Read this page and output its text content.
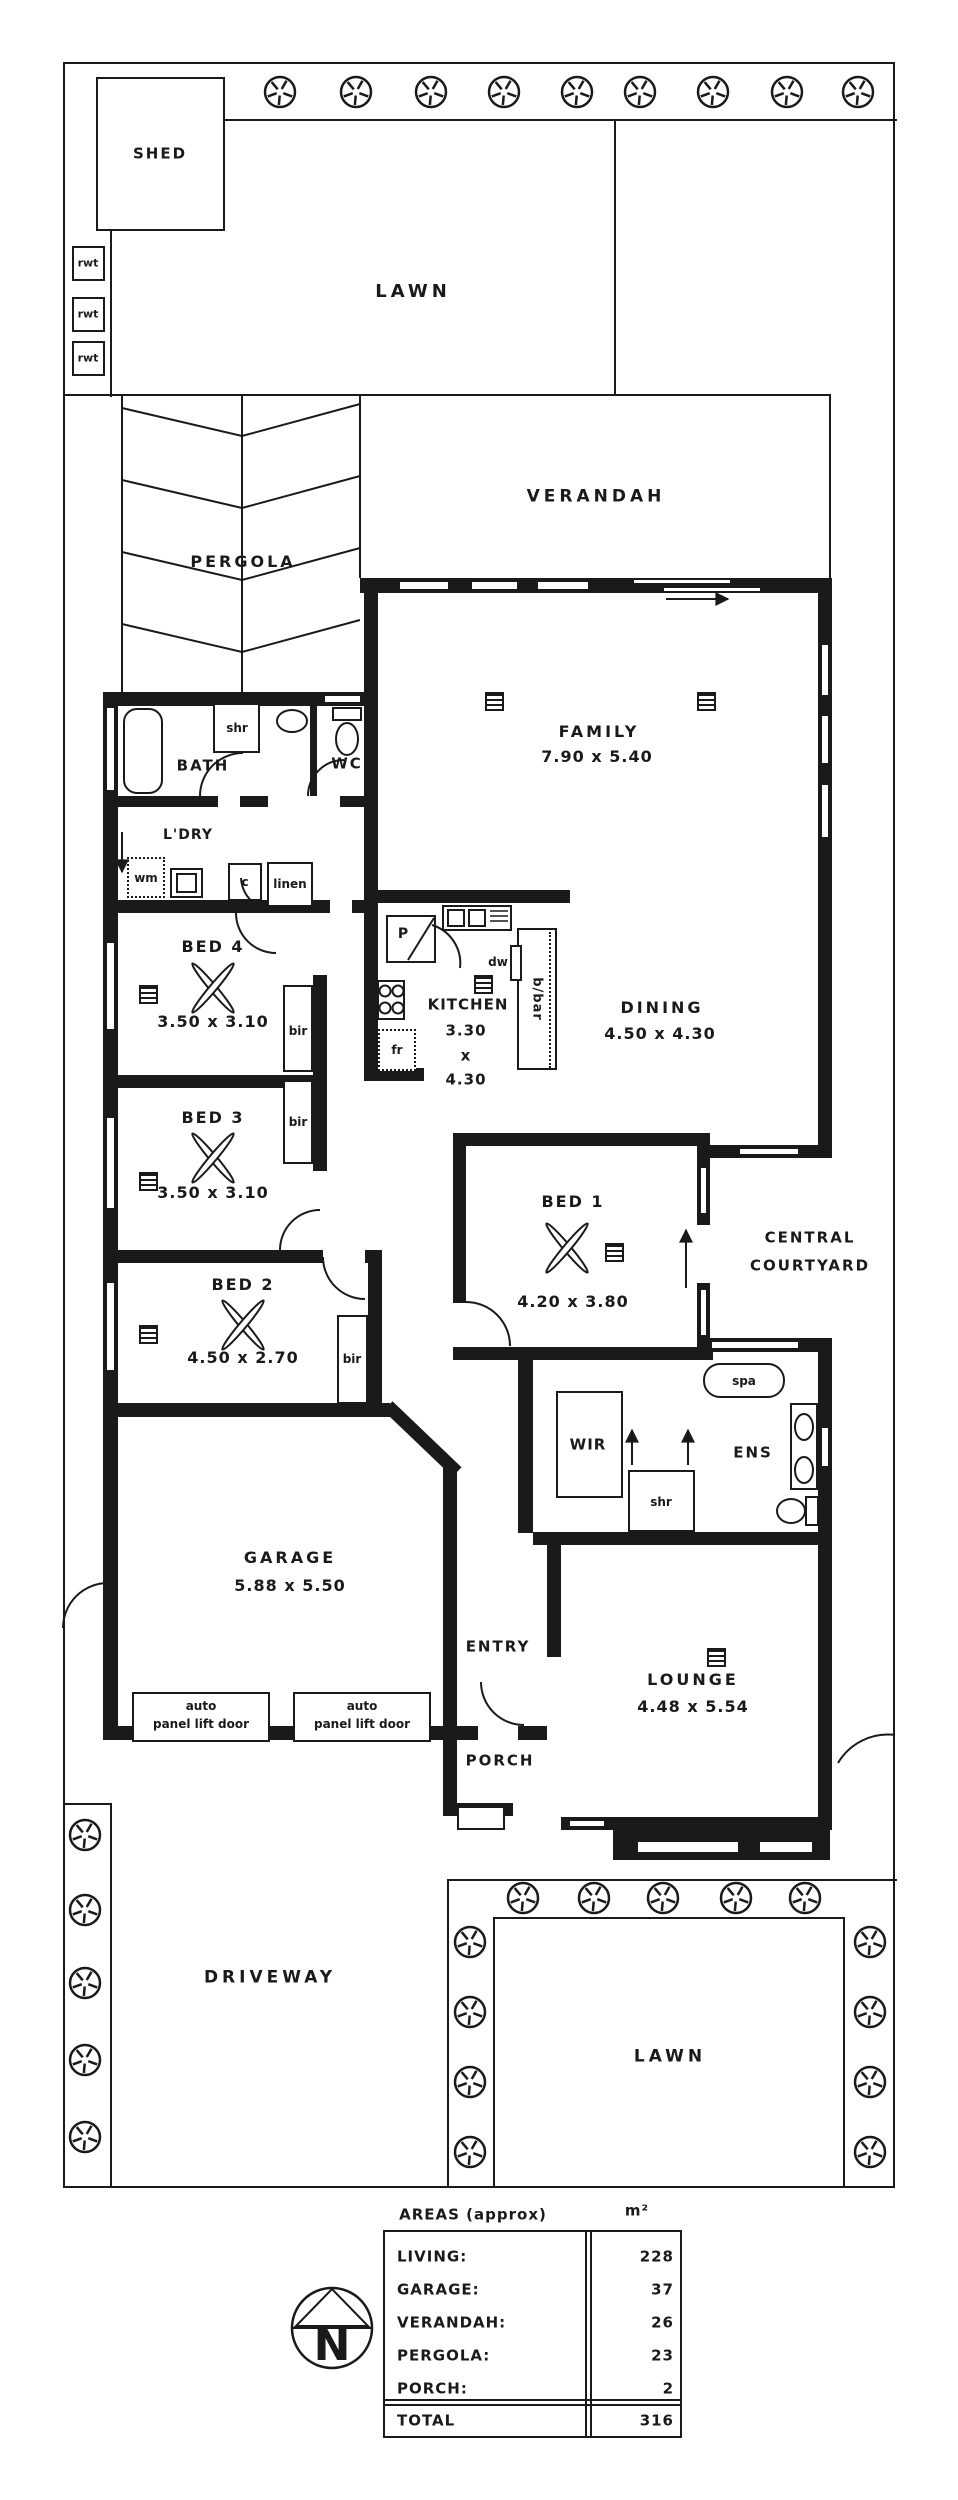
SHED
LAWN
rwt
rwt
rwt
PERGOLA
VERANDAH
FAMILY
7.90 x 5.40
DINING
4.50 x 4.30
KITCHEN
3.30
x
4.30
b/bar
P
dw
fr
BED 4
3.50 x 3.10
BED 3
3.50 x 3.10
BED 2
4.50 x 2.70
BED 1
4.20 x 3.80
BATH
shr
WC
L'DRY
wm	c linen
bir
bir
bir
CENTRAL
COURTYARD
spa
WIR	ENS
shr
GARAGE
5.88 x 5.50
ENTRY
PORCH
LOUNGE
4.48 x 5.54
auto
panel lift door
auto
panel lift door
DRIVEWAY
LAWN
AREAS (approx)	m²
LIVING:	228
GARAGE:	37
VERANDAH:	26
PERGOLA:	23
PORCH:	2
TOTAL	316
N
